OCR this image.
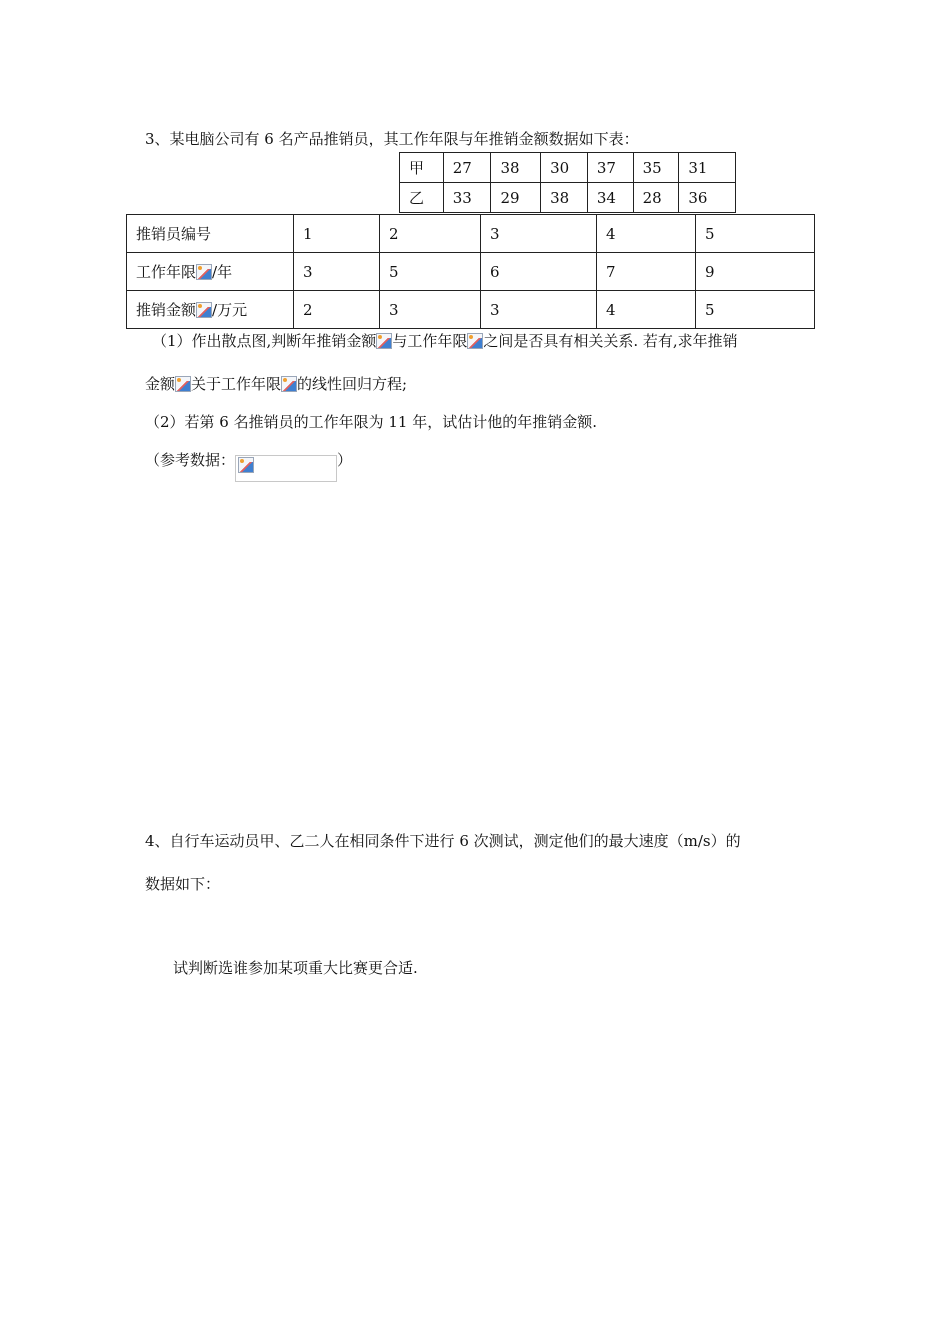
3、某电脑公司有 6 名产品推销员，其工作年限与年推销金额数据如下表：
甲	27	38	30	37	35	31
乙	33	29	38	34	28	36
推销员编号	1	2	3	4	5
工作年限 /年	3	5	6	7	9
推销金额 /万元	2	3	3	4	5
（1）作出散点图,判断年推销金额 与工作年限 之间是否具有相关关系. 若有,求年推销
金额 关于工作年限 的线性回归方程;
（2）若第 6 名推销员的工作年限为 11 年，试估计他的年推销金额.
（参考数据：	）
4、自行车运动员甲、乙二人在相同条件下进行 6 次测试，测定他们的最大速度（m/s）的
数据如下：
试判断选谁参加某项重大比赛更合适.
